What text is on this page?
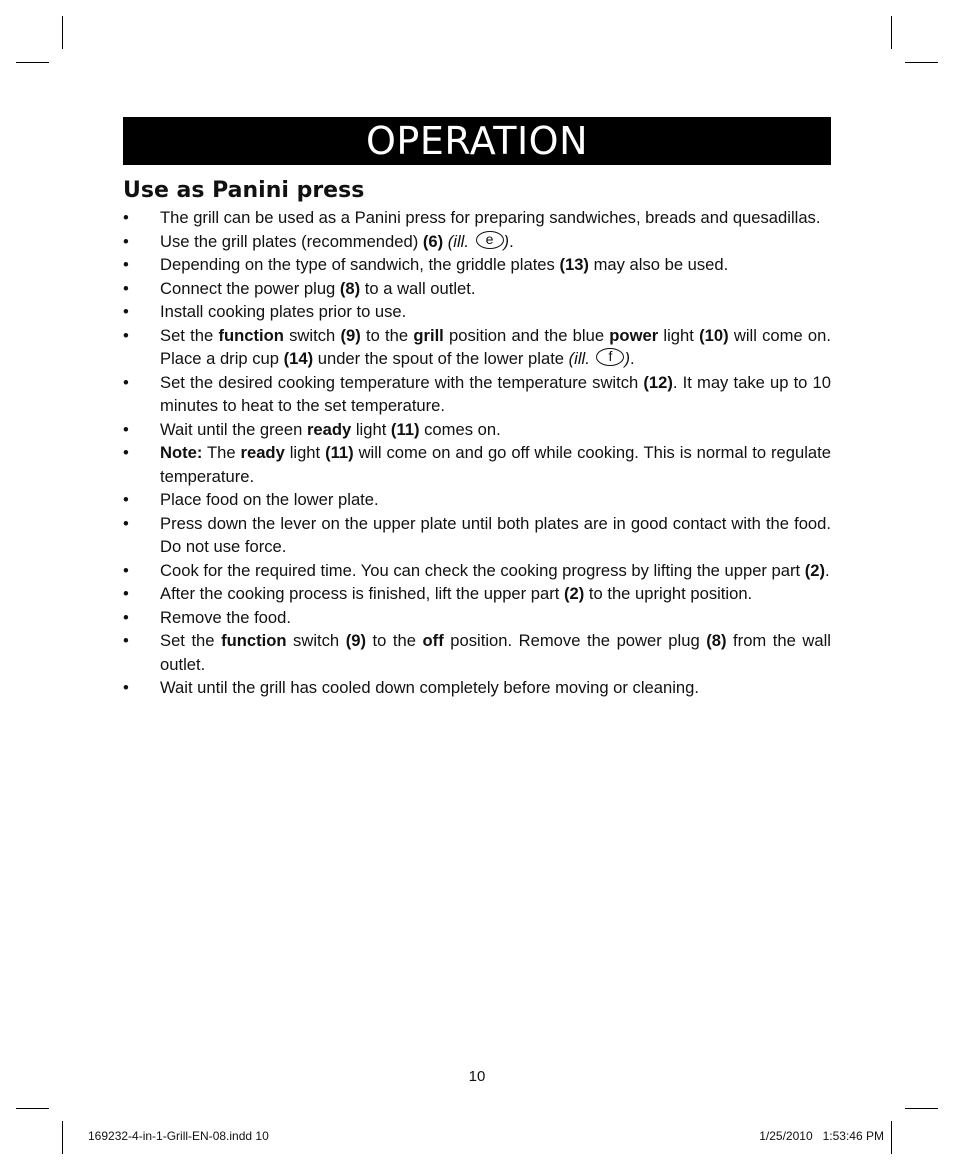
OPERATION
Use as Panini press
• The grill can be used as a Panini press for preparing sandwiches, breads and quesadillas.
• Use the grill plates (recommended) (6) (ill. e ).
• Depending on the type of sandwich, the griddle plates (13) may also be used.
• Connect the power plug (8) to a wall outlet.
• Install cooking plates prior to use.
• Set the function switch (9) to the grill position and the blue power light (10) will come on. Place a drip cup (14) under the spout of the lower plate (ill. f ).
• Set the desired cooking temperature with the temperature switch (12). It may take up to 10 minutes to heat to the set temperature.
• Wait until the green ready light (11) comes on.
• Note: The ready light (11) will come on and go off while cooking. This is normal to regulate temperature.
• Place food on the lower plate.
• Press down the lever on the upper plate until both plates are in good contact with the food. Do not use force.
• Cook for the required time. You can check the cooking progress by lifting the upper part (2).
• After the cooking process is finished, lift the upper part (2) to the upright position.
• Remove the food.
• Set the function switch (9) to the off position. Remove the power plug (8) from the wall outlet.
• Wait until the grill has cooled down completely before moving or cleaning.
10
169232-4-in-1-Grill-EN-08.indd 10	1/25/2010   1:53:46 PM
